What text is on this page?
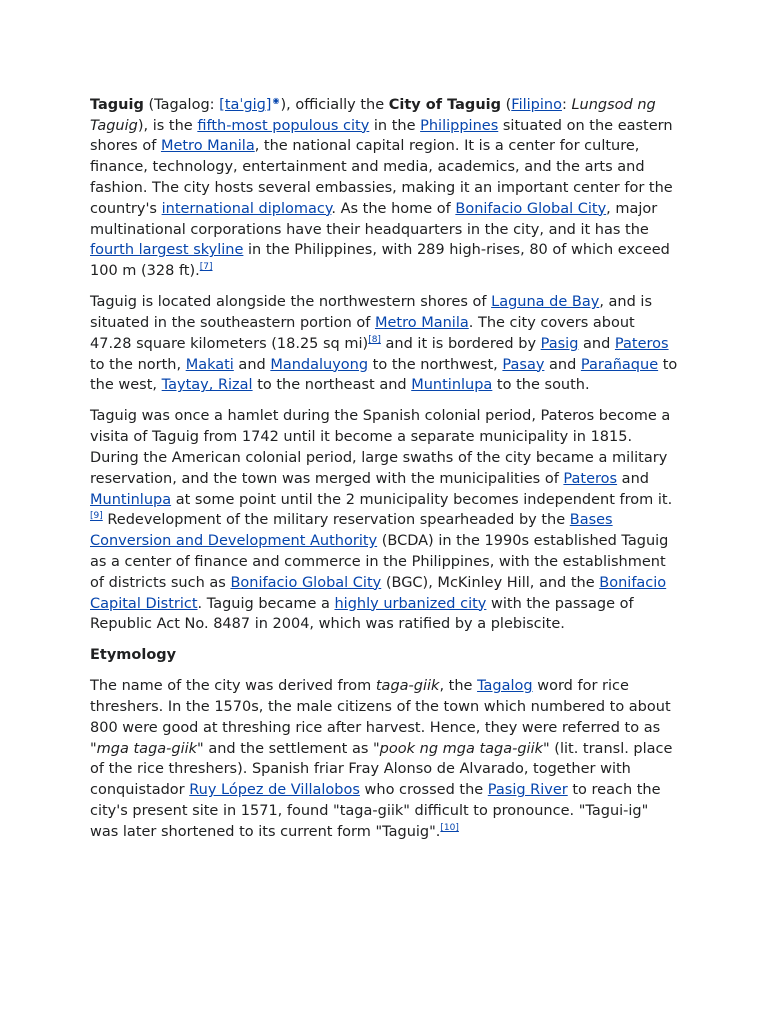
Taguig (Tagalog: [taˈɡiɡ]◉), officially the City of Taguig (Filipino: Lungsod ng Taguig), is the fifth-most populous city in the Philippines situated on the eastern shores of Metro Manila, the national capital region. It is a center for culture, finance, technology, entertainment and media, academics, and the arts and fashion. The city hosts several embassies, making it an important center for the country's international diplomacy. As the home of Bonifacio Global City, major multinational corporations have their headquarters in the city, and it has the fourth largest skyline in the Philippines, with 289 high-rises, 80 of which exceed 100 m (328 ft).[7]

Taguig is located alongside the northwestern shores of Laguna de Bay, and is situated in the southeastern portion of Metro Manila. The city covers about 47.28 square kilometers (18.25 sq mi)[8] and it is bordered by Pasig and Pateros to the north, Makati and Mandaluyong to the northwest, Pasay and Parañaque to the west, Taytay, Rizal to the northeast and Muntinlupa to the south.

Taguig was once a hamlet during the Spanish colonial period, Pateros become a visita of Taguig from 1742 until it become a separate municipality in 1815. During the American colonial period, large swaths of the city became a military reservation, and the town was merged with the municipalities of Pateros and Muntinlupa at some point until the 2 municipality becomes independent from it.[9] Redevelopment of the military reservation spearheaded by the Bases Conversion and Development Authority (BCDA) in the 1990s established Taguig as a center of finance and commerce in the Philippines, with the establishment of districts such as Bonifacio Global City (BGC), McKinley Hill, and the Bonifacio Capital District. Taguig became a highly urbanized city with the passage of Republic Act No. 8487 in 2004, which was ratified by a plebiscite.

Etymology

The name of the city was derived from taga-giik, the Tagalog word for rice threshers. In the 1570s, the male citizens of the town which numbered to about 800 were good at threshing rice after harvest. Hence, they were referred to as "mga taga-giik" and the settlement as "pook ng mga taga-giik" (lit. transl. place of the rice threshers). Spanish friar Fray Alonso de Alvarado, together with conquistador Ruy López de Villalobos who crossed the Pasig River to reach the city's present site in 1571, found "taga-giik" difficult to pronounce. "Tagui-ig" was later shortened to its current form "Taguig".[10]
